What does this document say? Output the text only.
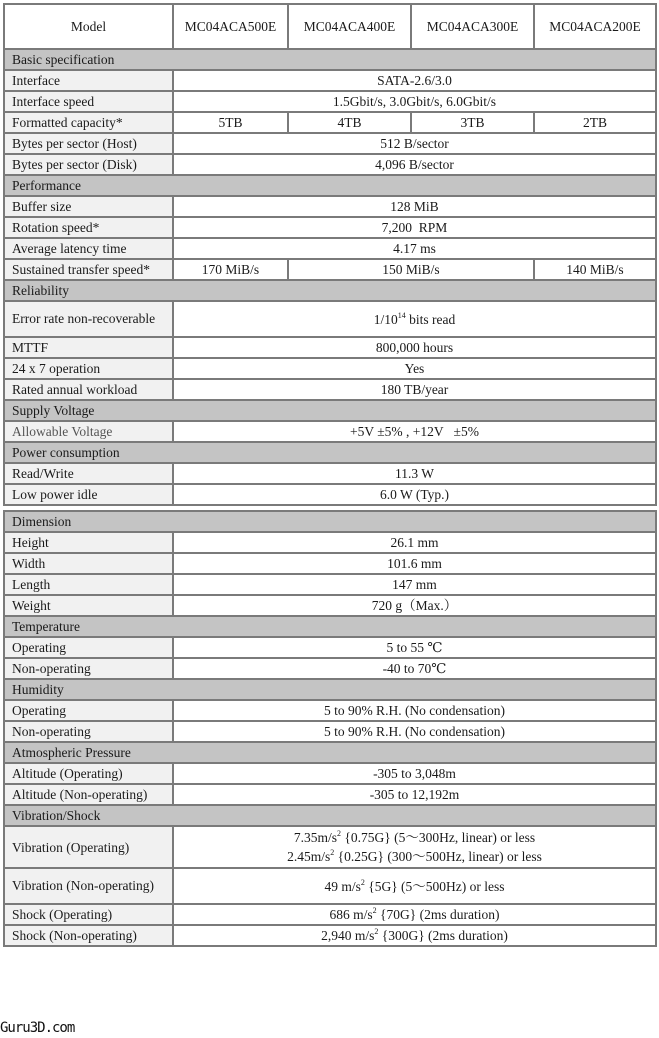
Model	MC04ACA500E	MC04ACA400E	MC04ACA300E	MC04ACA200E
Basic specification				
Interface	SATA-2.6/3.0			
Interface speed	1.5Gbit/s, 3.0Gbit/s, 6.0Gbit/s			
Formatted capacity*	5TB	4TB	3TB	2TB
Bytes per sector (Host)	512 B/sector			
Bytes per sector (Disk)	4,096 B/sector			
Performance				
Buffer size	128 MiB			
Rotation speed*	7,200  RPM			
Average latency time	4.17 ms			
Sustained transfer speed*	170 MiB/s	150 MiB/s		140 MiB/s
Reliability				
Error rate non-recoverable	$1/10^{14}$ bits read			
MTTF	800,000 hours			
24 x 7 operation	Yes			
Rated annual workload	180 TB/year			
Supply Voltage				
Allowable Voltage	+5V ±5% , +12V   ±5%			
Power consumption				
Read/Write	11.3 W			
Low power idle	6.0 W (Typ.)			

Dimension				
Height	26.1 mm			
Width	101.6 mm			
Length	147 mm			
Weight	720 g（Max.）			
Temperature				
Operating	5 to 55 ℃			
Non-operating	-40 to 70℃			
Humidity				
Operating	5 to 90% R.H. (No condensation)			
Non-operating	5 to 90% R.H. (No condensation)			
Atmospheric Pressure				
Altitude (Operating)	-305 to 3,048m			
Altitude (Non-operating)	-305 to 12,192m			
Vibration/Shock				
Vibration (Operating)	$7.35m/s^2$ {0.75G} (5～300Hz, linear) or less
$2.45m/s^2$ {0.25G} (300～500Hz, linear) or less			

Vibration (Non-operating)	49 $m/s^2$ {5G} (5～500Hz) or less			
Shock (Operating)	686 $m/s^2$ {70G} (2ms duration)			
Shock (Non-operating)	2,940 $m/s^2$ {300G} (2ms duration)			
Guru3D.com
